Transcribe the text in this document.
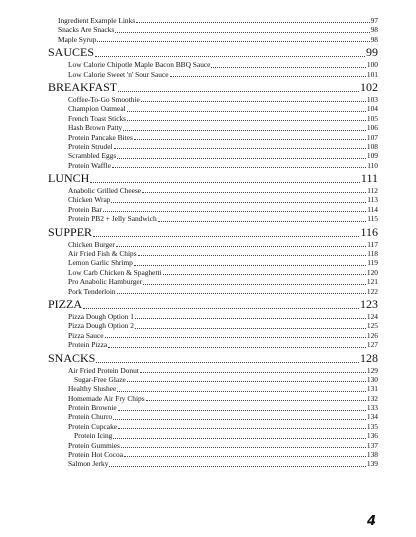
Ingredient Example Links	97
Snacks Are Snacks	98
Maple Syrup	98
SAUCES	99
Low Calorie Chipotle Maple Bacon BBQ Sauce	100
Low Calorie Sweet 'n' Sour Sauce	101
BREAKFAST	102
Coffee-To-Go Smoothie	103
Champion Oatmeal	104
French Toast Sticks	105
Hash Brown Patty	106
Protein Pancake Bites	107
Protein Strudel	108
Scrambled Eggs	109
Protein Waffle	110
LUNCH	111
Anabolic Grilled Cheese	112
Chicken Wrap	113
Protein Bar	114
Protein PB2 + Jelly Sandwich	115
SUPPER	116
Chicken Burger	117
Air Fried Fish & Chips	118
Lemon Garlic Shrimp	119
Low Carb Chicken & Spaghetti	120
Pro Anabolic Hamburger	121
Pork Tenderloin	122
PIZZA	123
Pizza Dough Option 1	124
Pizza Dough Option 2	125
Pizza Sauce	126
Protein Pizza	127
SNACKS	128
Air Fried Protein Donut	129
Sugar-Free Glaze	130
Healthy Slushee	131
Homemade Air Fry Chips	132
Protein Brownie	133
Protein Churro	134
Protein Cupcake	135
Protein Icing	136
Protein Gummies	137
Protein Hot Cocoa	138
Salmon Jerky	139
4
